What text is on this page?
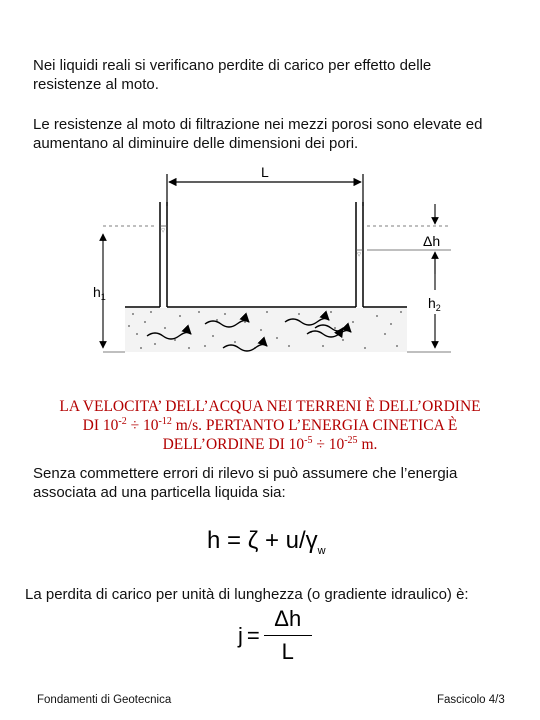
Nei liquidi reali si verificano perdite di carico per effetto delle resistenze al moto.

Le resistenze al moto di filtrazione nei mezzi porosi sono elevate ed aumentano al diminuire delle dimensioni dei pori.

L
▽
▽
$h_1$
Δh
$h_2$
LA VELOCITA’ DELL’ACQUA NEI TERRENI È DELL’ORDINE
DI $10^{-2} \div 10^{-12}$ m/s. PERTANTO L’ENERGIA CINETICA È
DELL’ORDINE DI $10^{-5} \div 10^{-25}$ m.

Senza commettere errori di rilevo si può assumere che l’energia associata ad una particella liquida sia:

$h = \zeta + u/\gamma_w$

La perdita di carico per unità di lunghezza (o gradiente idraulico) è:

$j = \frac{\Delta h}{L}$
Fondamenti di Geotecnica	Fascicolo 4/3
